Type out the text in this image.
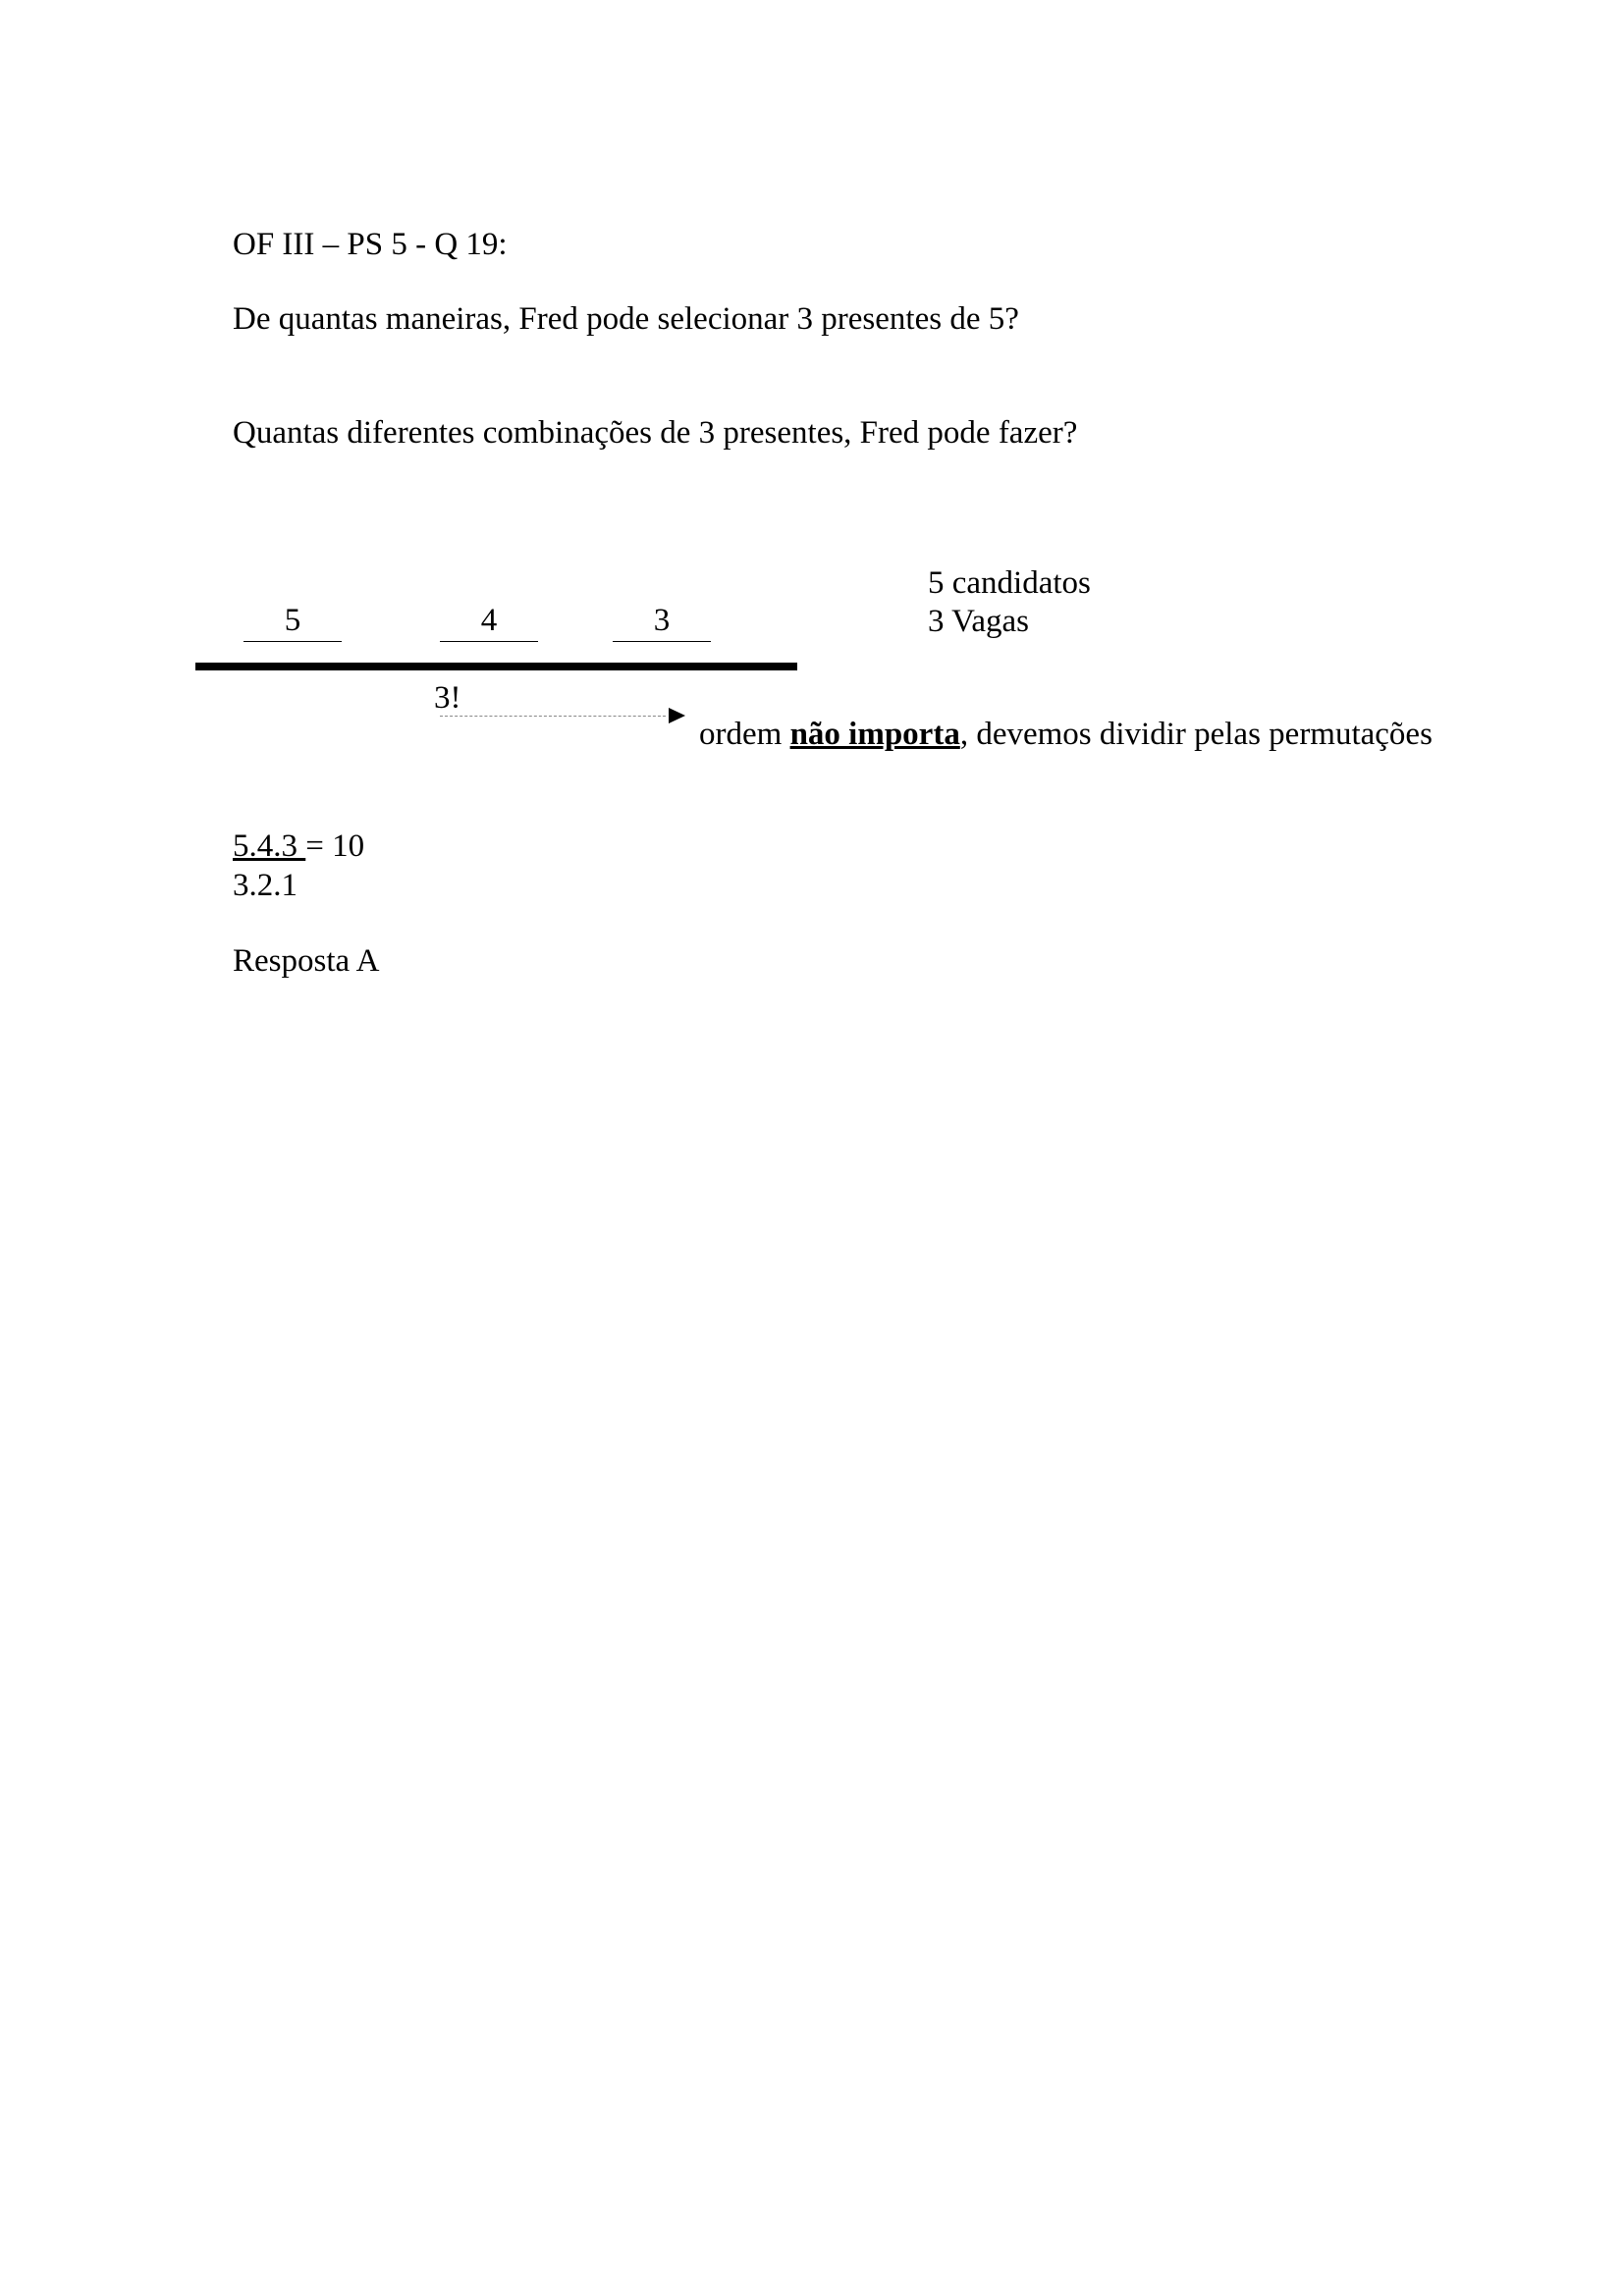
OF III – PS 5 - Q 19:
De quantas maneiras, Fred pode selecionar 3 presentes de 5?
Quantas diferentes combinações de 3 presentes, Fred pode fazer?
5	4	3
5 candidatos
3 Vagas
3!
ordem não importa, devemos dividir pelas permutações
5.4.3 = 10
3.2.1
Resposta A
